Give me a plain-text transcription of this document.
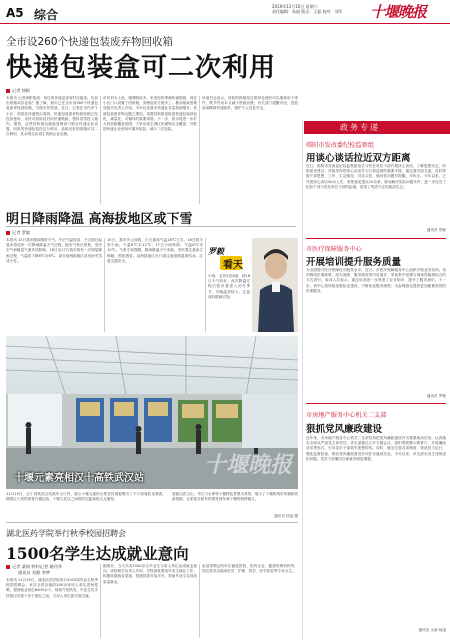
A5 综合
2019年11月16日 星期六
责任编辑：朱丽 版式：王磊 校对：刘军	十堰晚报
全市设260个快递包装废弃物回收箱
快递包装盒可二次利用
记者 徐彬
本报讯 记者徐彬报道：用过的快递盒里有时还能用，比如出纸箱或存包装？据了解，我市已在全市设260个快递包装废弃物回收箱，方便市民投放。近日，记者在市内多个小区、高校及快递网点看到，快递包装废弃物回收箱已经投放使用，市民可将拆封后的快递纸箱、塑料袋等投入箱内。据悉，这些回收箱由邮政管理部门联合快递企业设置。回收的快递包装经过分拣后，品相完好的纸箱可以二次利用，其余则交由再生资源企业处理。
市民刘女士说，她网购较多，家里经常堆满快递纸箱，现在小区门口设置了回收箱，清理起来方便多了。据市邮政管理局相关负责人介绍，今年以来我市快递业务量持续增长，快递包装废弃物也随之增加，设置回收箱是推进快递包装绿色化、减量化、可循环的重要举措。下一步，我市将进一步扩大回收箱覆盖范围，力争实现主城区快递网点全覆盖，并鼓励快递企业使用可循环包装，减少二次包装。
快递员也表示，回收的纸箱经过简单处理后可以重新用于寄件，既节约成本又减少资源浪费。有关部门提醒市民，投放前请撕掉快递面单，保护个人信息安全。
政务专递
郧阳市发改委纪检监察组
用谈心谈话拉近双方距离
近日，郧阳市发改委纪检监察组组长与驻在单位干部开展谈心谈话，了解思想动态，听取意见建议。该组坚持把谈心谈话作为日常监督的重要手段，通过面对面交流，及时掌握干部思想、工作、生活情况，对苗头性、倾向性问题早提醒、早纠正。今年以来，已开展谈心谈话30余人次，收集意见建议10余条，推动解决实际问题多件，进一步拉近了纪检干部与驻在单位干部的距离，营造了风清气正的政治生态。
通讯员 郑敏
市医疗保障服务中心
开展培训提升服务质量
为全面提升医疗保障经办服务水平，近日，市医疗保障服务中心组织开展业务培训。培训围绕医保政策、经办流程、服务规范等内容展开，采取集中授课与现场答疑相结合的方式进行。参训人员表示，通过培训进一步熟悉了业务知识，提升了服务意识。下一步，该中心将持续加强队伍建设，不断优化服务流程，为参保群众提供更加便捷高效的医保服务。
通讯员 罗敏
市房地产服务中心机关二支部
狠抓党风廉政建设
近年来，市房地产服务中心机关二支部坚持把党风廉政建设作为重要政治任务，认真落实全面从严治党主体责任。该支部通过召开专题会议、组织观看警示教育片、开展廉政谈话等形式，引导党员干部筑牢思想防线。同时，健全完善各项制度，规范权力运行，强化监督检查，推动党风廉政建设各项任务落到实处。今年以来，该支部未发生违规违纪问题，党员干部廉洁自律意识明显增强。
通讯员 余新 杨凌
明日降雨降温 高海拔地区或下雪
记者 罗毅
本报讯 15日我市继续晴好天气，午后气温较高，不过明日起我市将迎来一次降雨降温天气过程。据市气象台预报，受冷空气和暖湿气流共同影响，16日至17日我市将有一次明显降雨过程，气温将下降6℃至8℃，部分高海拔地区或有雨夹雪或小雪。
15日，我市多云转阴，白天最高气温18℃左右。16日阴天有小雨，气温8℃至12℃；17日小雨转阴，气温6℃至10℃。气象专家提醒，降雨降温天气来临，市民要注意添衣保暖，预防感冒。高海拔地区出行需注意道路湿滑结冰，注意交通安全。
小雨，北风3至4级，到18日天气转好。此次降温过程后我市将进入初冬季节，早晚温差较大，注意适时增减衣物。
罗毅
看天
十堰晚报
十堰元素亮相汉十高铁武汉站
11月15日，汉十高铁武汉站候车大厅内，展示十堰元素的大型宣传展板吸引了不少旅客驻足观看。随着汉十高铁即将开通运营，十堰与武汉之间的时空距离将大大缩短。
展板以武当山、丹江口水库等十堰特色景观为背景，展示了十堰的城市风貌和旅游资源，让旅客在候车时感受到车城十堰的独特魅力。
通讯员 侯福 摄
湖北医药学院举行秋季校园招聘会
1500名学生达成就业意向
记者 梁倩 特约记者 姚经华
通讯员 刘静 李梦
本报讯 11月15日，湖北医药学院举行2020届毕业生秋季校园招聘会。来自全国各地的200余家用人单位进场招聘，提供就业岗位6000余个。现场气氛热烈，毕业生们手持简历穿梭于各个展位之间，与用人单位面对面交流。
据统计，当天共有1500余名毕业生与用人单位达成就业意向。该校相关负责人介绍，学校高度重视毕业生就业工作，积极拓展就业渠道，搭建供需对接平台，帮助毕业生实现高质量就业。
参加招聘会的单位涵盖医院、医药企业、健康管理机构等，岗位需求以临床医学、护理、药学、医学检验等专业为主。
